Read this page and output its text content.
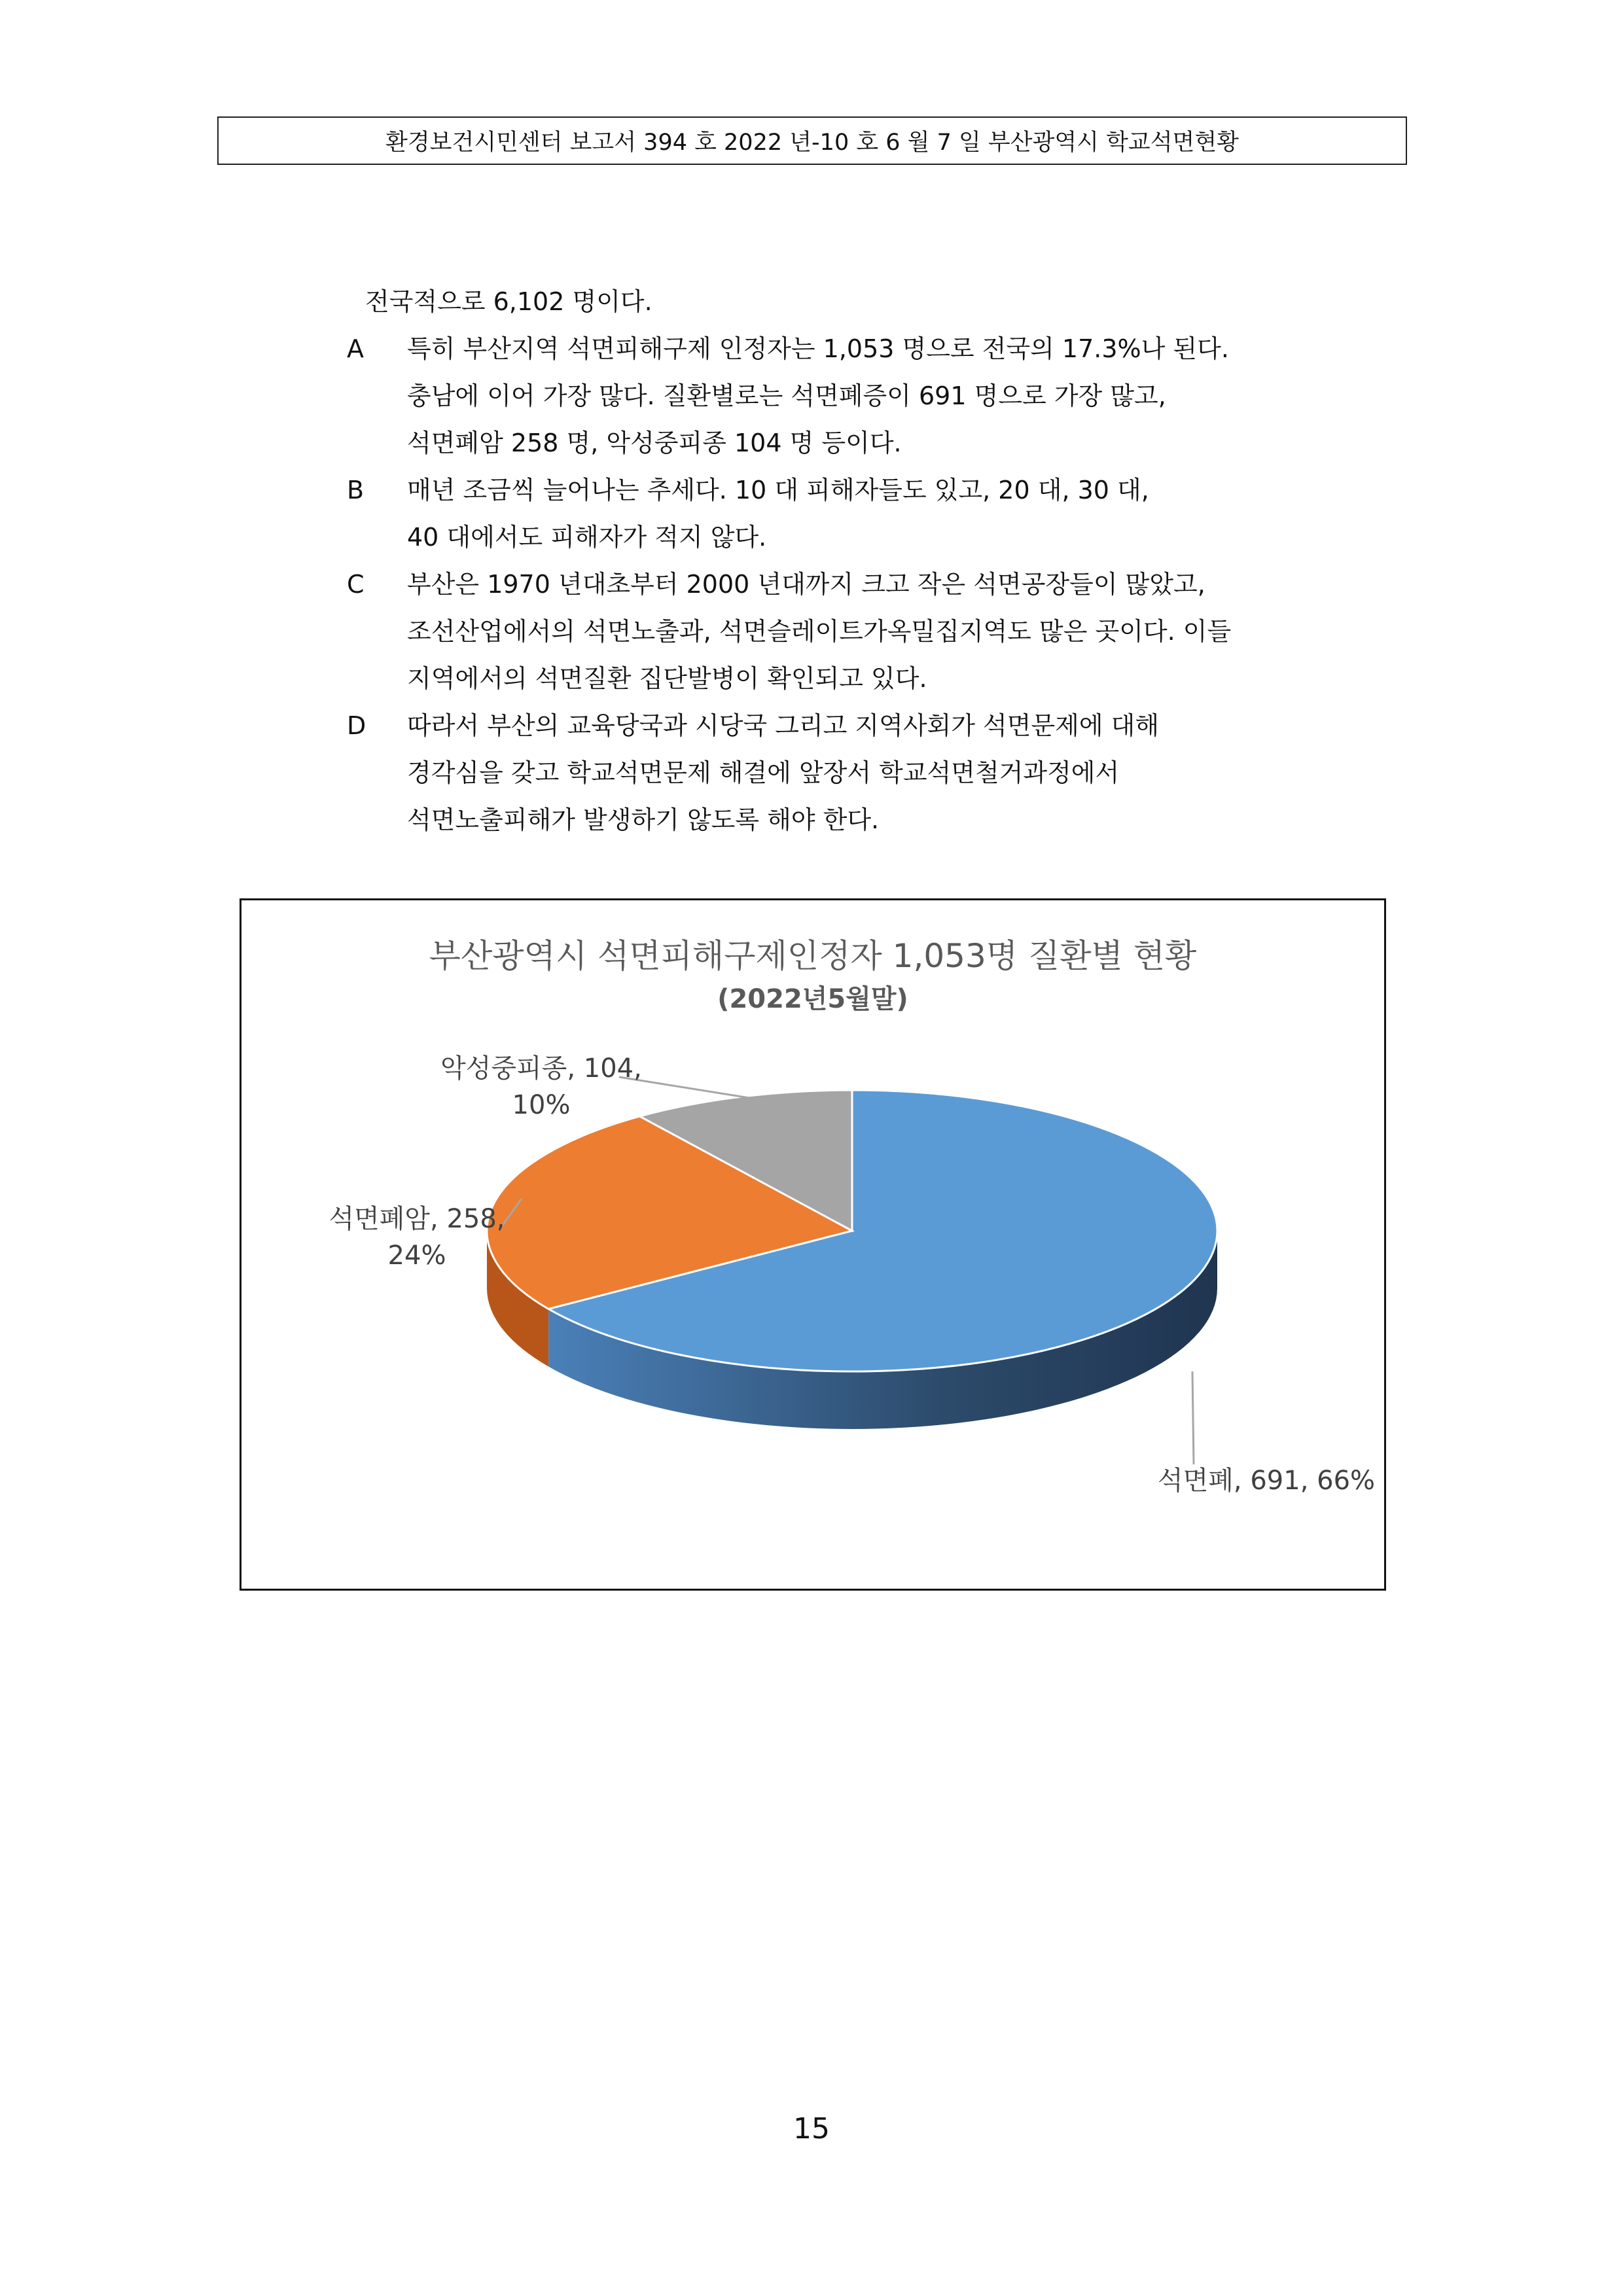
환경보건시민센터 보고서 394 호 2022 년-10 호 6 월 7 일 부산광역시 학교석면현황
전국적으로 6,102 명이다.
A	특히 부산지역 석면피해구제 인정자는 1,053 명으로 전국의 17.3%나 된다.
충남에 이어 가장 많다. 질환별로는 석면폐증이 691 명으로 가장 많고,
석면폐암 258 명, 악성중피종 104 명 등이다.
B	매년 조금씩 늘어나는 추세다. 10 대 피해자들도 있고, 20 대, 30 대,
40 대에서도 피해자가 적지 않다.
C	부산은 1970 년대초부터 2000 년대까지 크고 작은 석면공장들이 많았고,
조선산업에서의 석면노출과, 석면슬레이트가옥밀집지역도 많은 곳이다. 이들
지역에서의 석면질환 집단발병이 확인되고 있다.
D	따라서 부산의 교육당국과 시당국 그리고 지역사회가 석면문제에 대해
경각심을 갖고 학교석면문제 해결에 앞장서 학교석면철거과정에서
석면노출피해가 발생하기 않도록 해야 한다.
부산광역시 석면피해구제인정자 1,053명 질환별 현황
(2022년5월말)
석면폐, 691, 66%
석면폐암, 258,
24%
악성중피종, 104,
10%
15
